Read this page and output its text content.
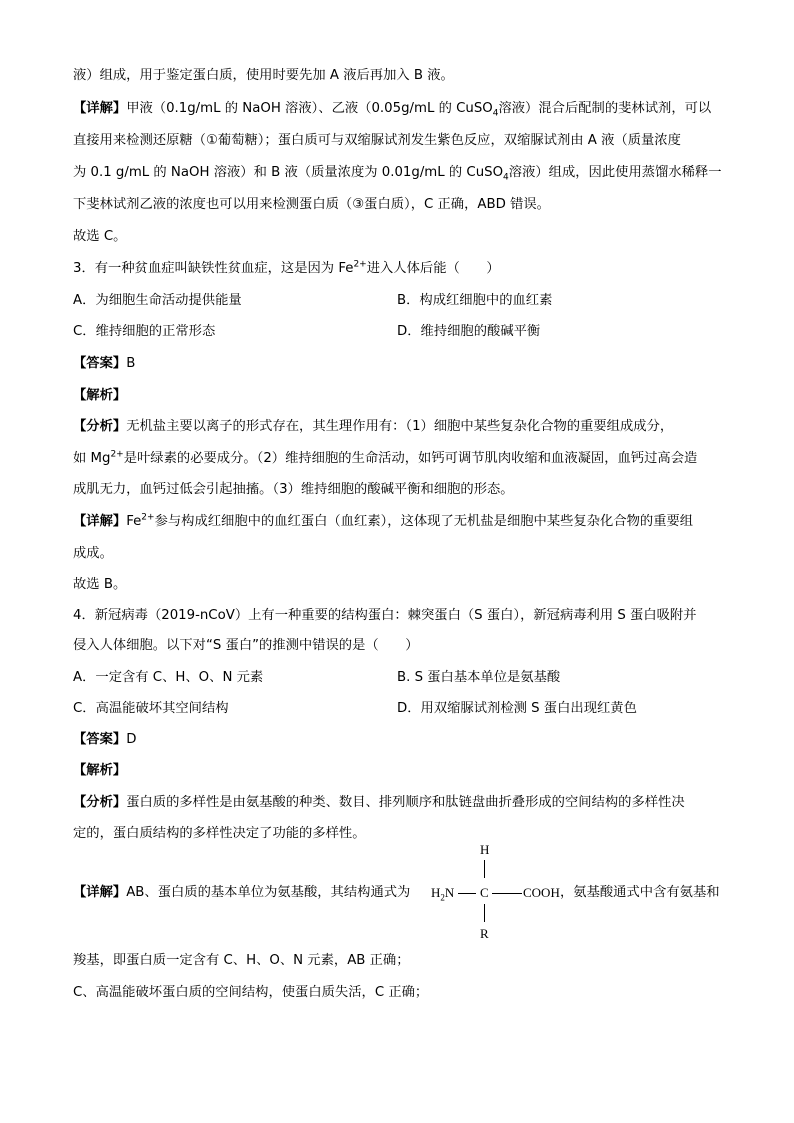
液）组成，用于鉴定蛋白质，使用时要先加 A 液后再加入 B 液。
【详解】甲液（0.1g/mL 的 NaOH 溶液）、乙液（0.05g/mL 的 CuSO$_4$溶液）混合后配制的斐林试剂，可以
直接用来检测还原糖（①葡萄糖）；蛋白质可与双缩脲试剂发生紫色反应，双缩脲试剂由 A 液（质量浓度
为 0.1 g/mL 的 NaOH 溶液）和 B 液（质量浓度为 0.01g/mL 的 CuSO$_4$溶液）组成，因此使用蒸馏水稀释一
下斐林试剂乙液的浓度也可以用来检测蛋白质（③蛋白质），C 正确，ABD 错误。
故选 C。
3．有一种贫血症叫缺铁性贫血症，这是因为 $Fe^{2+}$进入人体后能（　　）
A．为细胞生命活动提供能量	B．构成红细胞中的血红素
C．维持细胞的正常形态	D．维持细胞的酸碱平衡
【答案】B
【解析】
【分析】无机盐主要以离子的形式存在，其生理作用有：（1）细胞中某些复杂化合物的重要组成成分，
如 $Mg^{2+}$是叶绿素的必要成分。（2）维持细胞的生命活动，如钙可调节肌肉收缩和血液凝固，血钙过高会造
成肌无力，血钙过低会引起抽搐。（3）维持细胞的酸碱平衡和细胞的形态。
【详解】$Fe^{2+}$参与构成红细胞中的血红蛋白（血红素），这体现了无机盐是细胞中某些复杂化合物的重要组
成成。
故选 B。
4．新冠病毒（2019-nCoV）上有一种重要的结构蛋白：棘突蛋白（S 蛋白），新冠病毒利用 S 蛋白吸附并
侵入人体细胞。以下对“S 蛋白”的推测中错误的是（　　）
A．一定含有 C、H、O、N 元素	B. S 蛋白基本单位是氨基酸
C．高温能破坏其空间结构	D．用双缩脲试剂检测 S 蛋白出现红黄色
【答案】D
【解析】
【分析】蛋白质的多样性是由氨基酸的种类、数目、排列顺序和肽链盘曲折叠形成的空间结构的多样性决
定的，蛋白质结构的多样性决定了功能的多样性。
【详解】AB、蛋白质的基本单位为氨基酸，其结构通式为
H
$H_2N$ C	COOH
R
，氨基酸通式中含有氨基和
羧基，即蛋白质一定含有 C、H、O、N 元素，AB 正确；
C、高温能破坏蛋白质的空间结构，使蛋白质失活，C 正确；
